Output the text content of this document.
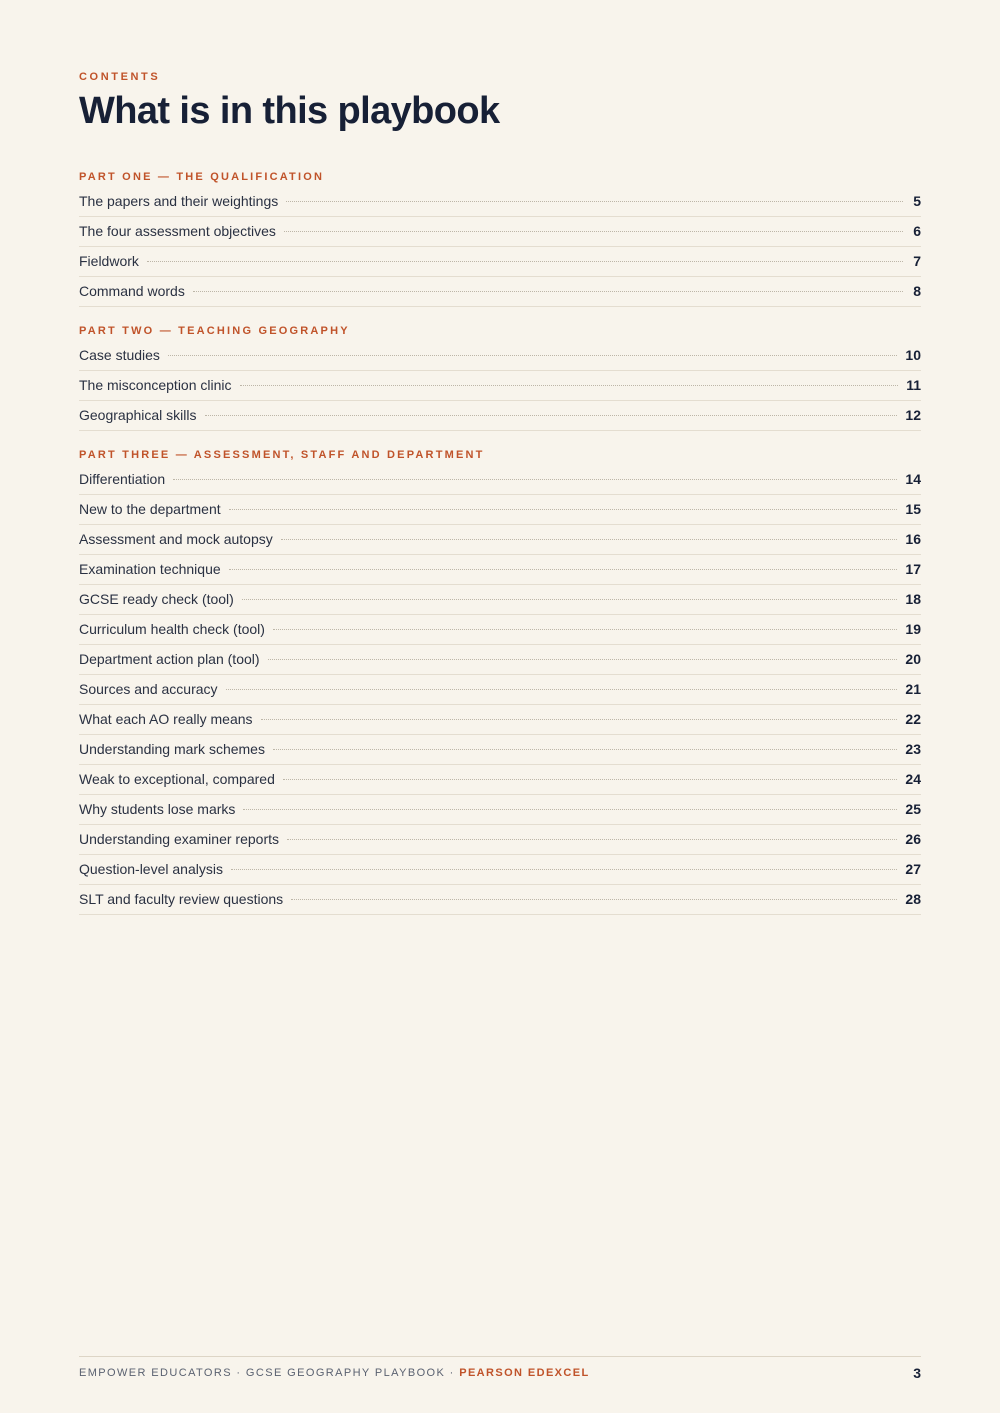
CONTENTS
What is in this playbook
PART ONE — THE QUALIFICATION
The papers and their weightings	5
The four assessment objectives	6
Fieldwork	7
Command words	8
PART TWO — TEACHING GEOGRAPHY
Case studies	10
The misconception clinic	11
Geographical skills	12
PART THREE — ASSESSMENT, STAFF AND DEPARTMENT
Differentiation	14
New to the department	15
Assessment and mock autopsy	16
Examination technique	17
GCSE ready check (tool)	18
Curriculum health check (tool)	19
Department action plan (tool)	20
Sources and accuracy	21
What each AO really means	22
Understanding mark schemes	23
Weak to exceptional, compared	24
Why students lose marks	25
Understanding examiner reports	26
Question-level analysis	27
SLT and faculty review questions	28
EMPOWER EDUCATORS · GCSE GEOGRAPHY PLAYBOOK · PEARSON EDEXCEL	3
